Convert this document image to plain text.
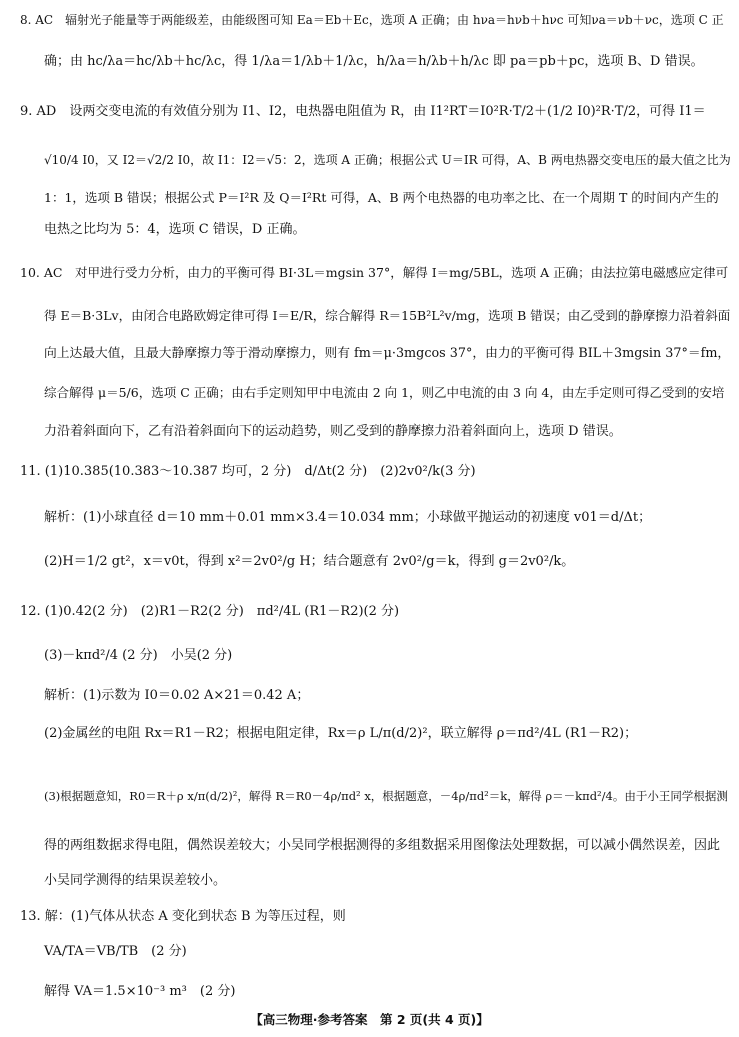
8. AC　辐射光子能量等于两能级差，由能级图可知 Ea＝Eb＋Ec，选项 A 正确；由 hνa＝hνb＋hνc 可知νa＝νb＋νc，选项 C 正
确；由 hc/λa＝hc/λb＋hc/λc，得 1/λa＝1/λb＋1/λc，h/λa＝h/λb＋h/λc 即 pa＝pb＋pc，选项 B、D 错误。
9. AD　设两交变电流的有效值分别为 I1、I2，电热器电阻值为 R，由 I1²RT＝I0²R·T/2＋(1/2 I0)²R·T/2，可得 I1＝
√10/4 I0，又 I2＝√2/2 I0，故 I1：I2＝√5：2，选项 A 正确；根据公式 U＝IR 可得，A、B 两电热器交变电压的最大值之比为
1：1，选项 B 错误；根据公式 P＝I²R 及 Q＝I²Rt 可得，A、B 两个电热器的电功率之比、在一个周期 T 的时间内产生的
电热之比均为 5：4，选项 C 错误，D 正确。
10. AC　对甲进行受力分析，由力的平衡可得 BI·3L＝mgsin 37°，解得 I＝mg/5BL，选项 A 正确；由法拉第电磁感应定律可
得 E＝B·3Lv，由闭合电路欧姆定律可得 I＝E/R，综合解得 R＝15B²L²v/mg，选项 B 错误；由乙受到的静摩擦力沿着斜面
向上达最大值，且最大静摩擦力等于滑动摩擦力，则有 fm＝μ·3mgcos 37°，由力的平衡可得 BIL＋3mgsin 37°＝fm，
综合解得 μ＝5/6，选项 C 正确；由右手定则知甲中电流由 2 向 1，则乙中电流的由 3 向 4，由左手定则可得乙受到的安培
力沿着斜面向下，乙有沿着斜面向下的运动趋势，则乙受到的静摩擦力沿着斜面向上，选项 D 错误。
11. (1)10.385(10.383～10.387 均可，2 分)　d/Δt(2 分)　(2)2v0²/k(3 分)
解析：(1)小球直径 d＝10 mm＋0.01 mm×3.4＝10.034 mm；小球做平抛运动的初速度 v01＝d/Δt；
(2)H＝1/2 gt²，x＝v0t，得到 x²＝2v0²/g H；结合题意有 2v0²/g＝k，得到 g＝2v0²/k。
12. (1)0.42(2 分)　(2)R1－R2(2 分)　πd²/4L (R1－R2)(2 分)
(3)－kπd²/4 (2 分)　小吴(2 分)
解析：(1)示数为 I0＝0.02 A×21＝0.42 A；
(2)金属丝的电阻 Rx＝R1－R2；根据电阻定律，Rx＝ρ L/π(d/2)²，联立解得 ρ＝πd²/4L (R1－R2)；
(3)根据题意知，R0＝R＋ρ x/π(d/2)²，解得 R＝R0－4ρ/πd² x，根据题意，－4ρ/πd²＝k，解得 ρ＝－kπd²/4。由于小王同学根据测
得的两组数据求得电阻，偶然误差较大；小吴同学根据测得的多组数据采用图像法处理数据，可以减小偶然误差，因此
小吴同学测得的结果误差较小。
13. 解：(1)气体从状态 A 变化到状态 B 为等压过程，则
VA/TA＝VB/TB　(2 分)
解得 VA＝1.5×10⁻³ m³　(2 分)
【高三物理·参考答案　第 2 页(共 4 页)】
